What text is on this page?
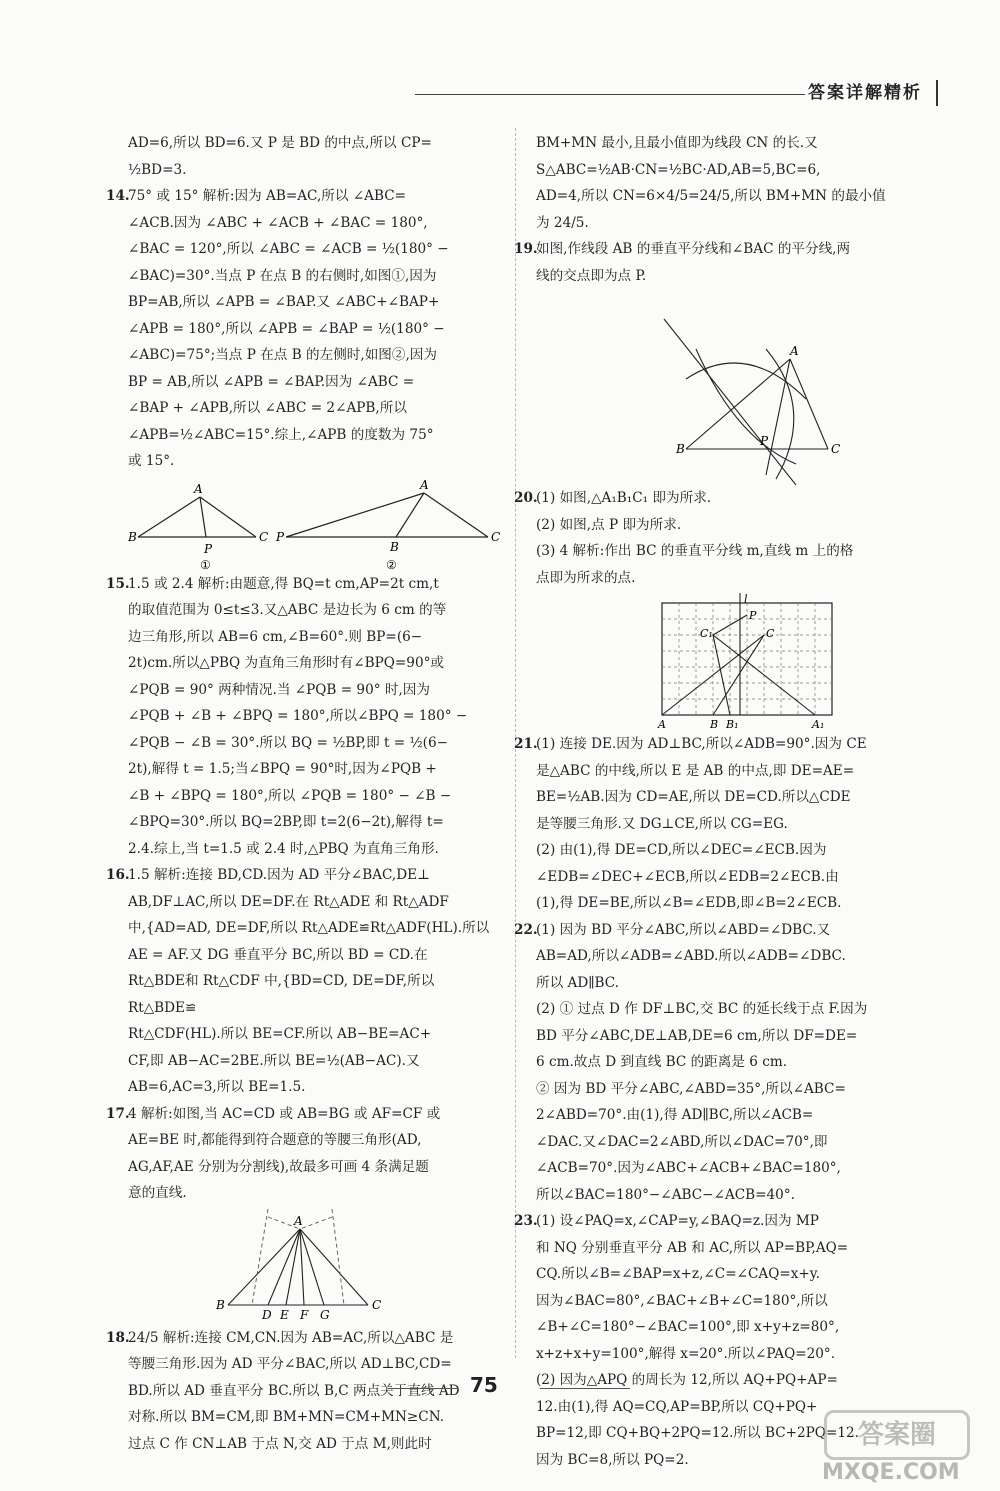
答案详解精析

AD=6,所以 BD=6.又 P 是 BD 的中点,所以 CP=

½BD=3.

14.75° 或 15° 解析:因为 AB=AC,所以 ∠ABC=

∠ACB.因为 ∠ABC + ∠ACB + ∠BAC = 180°,

∠BAC = 120°,所以 ∠ABC = ∠ACB = ½(180° −

∠BAC)=30°.当点 P 在点 B 的右侧时,如图①,因为

BP=AB,所以 ∠APB = ∠BAP.又 ∠ABC+∠BAP+

∠APB = 180°,所以 ∠APB = ∠BAP = ½(180° −

∠ABC)=75°;当点 P 在点 B 的左侧时,如图②,因为

BP = AB,所以 ∠APB = ∠BAP.因为 ∠ABC =

∠BAP + ∠APB,所以 ∠ABC = 2∠APB,所以

∠APB=½∠ABC=15°.综上,∠APB 的度数为 75°

或 15°.

A
B	C
P
①
A
P
B
C
②

15.1.5 或 2.4 解析:由题意,得 BQ=t cm,AP=2t cm,t

的取值范围为 0≤t≤3.又△ABC 是边长为 6 cm 的等

边三角形,所以 AB=6 cm,∠B=60°.则 BP=(6−

2t)cm.所以△PBQ 为直角三角形时有∠BPQ=90°或

∠PQB = 90° 两种情况.当 ∠PQB = 90° 时,因为

∠PQB + ∠B + ∠BPQ = 180°,所以∠BPQ = 180° −

∠PQB − ∠B = 30°.所以 BQ = ½BP,即 t = ½(6−

2t),解得 t = 1.5;当∠BPQ = 90°时,因为∠PQB +

∠B + ∠BPQ = 180°,所以 ∠PQB = 180° − ∠B −

∠BPQ=30°.所以 BQ=2BP,即 t=2(6−2t),解得 t=

2.4.综上,当 t=1.5 或 2.4 时,△PBQ 为直角三角形.

16.1.5 解析:连接 BD,CD.因为 AD 平分∠BAC,DE⊥

AB,DF⊥AC,所以 DE=DF.在 Rt△ADE 和 Rt△ADF

中,{AD=AD, DE=DF,所以 Rt△ADE≌Rt△ADF(HL).所以

AE = AF.又 DG 垂直平分 BC,所以 BD = CD.在

Rt△BDE和 Rt△CDF 中,{BD=CD, DE=DF,所以 Rt△BDE≌

Rt△CDF(HL).所以 BE=CF.所以 AB−BE=AC+

CF,即 AB−AC=2BE.所以 BE=½(AB−AC).又

AB=6,AC=3,所以 BE=1.5.

17.4 解析:如图,当 AC=CD 或 AB=BG 或 AF=CF 或

AE=BE 时,都能得到符合题意的等腰三角形(AD,

AG,AF,AE 分别为分割线),故最多可画 4 条满足题

意的直线.

A
B
D E F G
C

18.24/5 解析:连接 CM,CN.因为 AB=AC,所以△ABC 是

等腰三角形.因为 AD 平分∠BAC,所以 AD⊥BC,CD=

BD.所以 AD 垂直平分 BC.所以 B,C 两点关于直线 AD

对称.所以 BM=CM,即 BM+MN=CM+MN≥CN.

过点 C 作 CN⊥AB 于点 N,交 AD 于点 M,则此时

BM+MN 最小,且最小值即为线段 CN 的长.又

S△ABC=½AB·CN=½BC·AD,AB=5,BC=6,

AD=4,所以 CN=6×4/5=24/5,所以 BM+MN 的最小值

为 24/5.

19.如图,作线段 AB 的垂直平分线和∠BAC 的平分线,两

线的交点即为点 P.

A
B	C
P

20.(1) 如图,△A₁B₁C₁ 即为所求.

(2) 如图,点 P 即为所求.

(3) 4 解析:作出 BC 的垂直平分线 m,直线 m 上的格

点即为所求的点.

l
P
C₁	C
A	B B₁	A₁

21.(1) 连接 DE.因为 AD⊥BC,所以∠ADB=90°.因为 CE

是△ABC 的中线,所以 E 是 AB 的中点,即 DE=AE=

BE=½AB.因为 CD=AE,所以 DE=CD.所以△CDE

是等腰三角形.又 DG⊥CE,所以 CG=EG.

(2) 由(1),得 DE=CD,所以∠DEC=∠ECB.因为

∠EDB=∠DEC+∠ECB,所以∠EDB=2∠ECB.由

(1),得 DE=BE,所以∠B=∠EDB,即∠B=2∠ECB.

22.(1) 因为 BD 平分∠ABC,所以∠ABD=∠DBC.又

AB=AD,所以∠ADB=∠ABD.所以∠ADB=∠DBC.

所以 AD∥BC.

(2) ① 过点 D 作 DF⊥BC,交 BC 的延长线于点 F.因为

BD 平分∠ABC,DE⊥AB,DE=6 cm,所以 DF=DE=

6 cm.故点 D 到直线 BC 的距离是 6 cm.

② 因为 BD 平分∠ABC,∠ABD=35°,所以∠ABC=

2∠ABD=70°.由(1),得 AD∥BC,所以∠ACB=

∠DAC.又∠DAC=2∠ABD,所以∠DAC=70°,即

∠ACB=70°.因为∠ABC+∠ACB+∠BAC=180°,

所以∠BAC=180°−∠ABC−∠ACB=40°.

23.(1) 设∠PAQ=x,∠CAP=y,∠BAQ=z.因为 MP

和 NQ 分别垂直平分 AB 和 AC,所以 AP=BP,AQ=

CQ.所以∠B=∠BAP=x+z,∠C=∠CAQ=x+y.

因为∠BAC=80°,∠BAC+∠B+∠C=180°,所以

∠B+∠C=180°−∠BAC=100°,即 x+y+z=80°,

x+z+x+y=100°,解得 x=20°.所以∠PAQ=20°.

(2) 因为△APQ 的周长为 12,所以 AQ+PQ+AP=

12.由(1),得 AQ=CQ,AP=BP,所以 CQ+PQ+

BP=12,即 CQ+BQ+2PQ=12.所以 BC+2PQ=12.

因为 BC=8,所以 PQ=2.

75
答案圈
MXQE.COM
